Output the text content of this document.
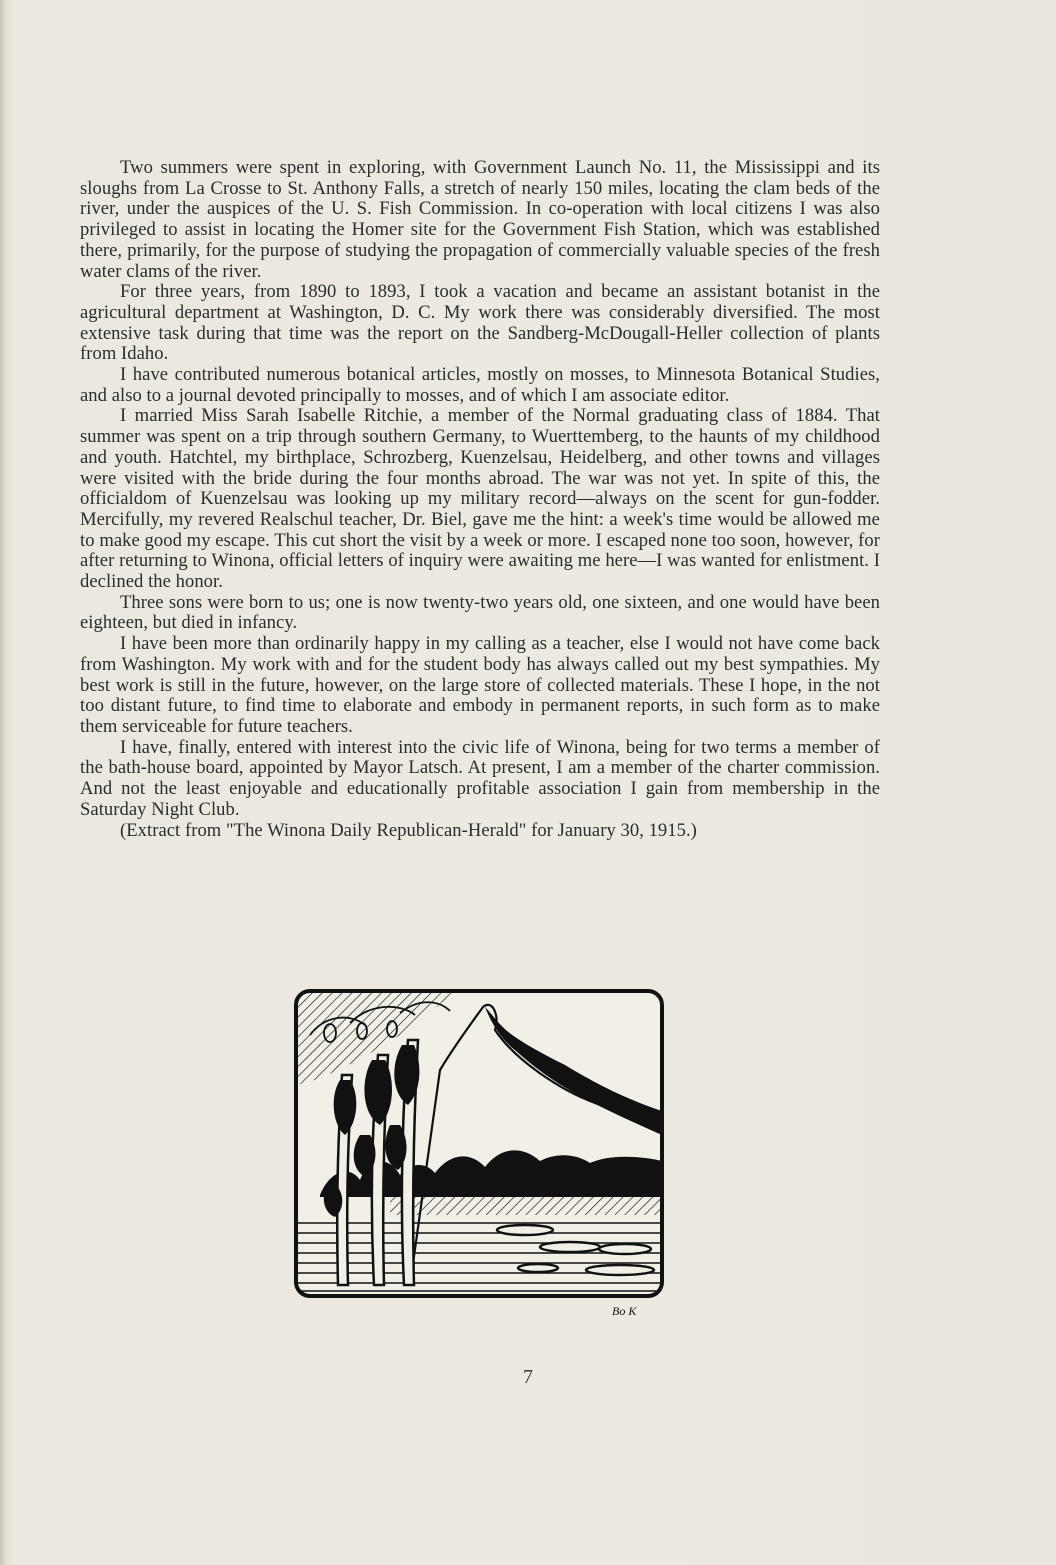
Two summers were spent in exploring, with Government Launch No. 11, the Mississippi and its sloughs from La Crosse to St. Anthony Falls, a stretch of nearly 150 miles, locating the clam beds of the river, under the auspices of the U. S. Fish Commission. In co-operation with local citizens I was also privileged to assist in locating the Homer site for the Government Fish Station, which was established there, primarily, for the purpose of studying the propagation of commercially valuable species of the fresh water clams of the river.

For three years, from 1890 to 1893, I took a vacation and became an assistant botanist in the agricultural department at Washington, D. C. My work there was considerably diversified. The most extensive task during that time was the report on the Sandberg-McDougall-Heller collection of plants from Idaho.

I have contributed numerous botanical articles, mostly on mosses, to Minnesota Botanical Studies, and also to a journal devoted principally to mosses, and of which I am associate editor.

I married Miss Sarah Isabelle Ritchie, a member of the Normal graduating class of 1884. That summer was spent on a trip through southern Germany, to Wuerttemberg, to the haunts of my childhood and youth. Hatchtel, my birthplace, Schrozberg, Kuenzelsau, Heidelberg, and other towns and villages were visited with the bride during the four months abroad. The war was not yet. In spite of this, the officialdom of Kuenzelsau was looking up my military record—always on the scent for gun-fodder. Mercifully, my revered Realschul teacher, Dr. Biel, gave me the hint: a week's time would be allowed me to make good my escape. This cut short the visit by a week or more. I escaped none too soon, however, for after returning to Winona, official letters of inquiry were awaiting me here—I was wanted for enlistment. I declined the honor.

Three sons were born to us; one is now twenty-two years old, one sixteen, and one would have been eighteen, but died in infancy.

I have been more than ordinarily happy in my calling as a teacher, else I would not have come back from Washington. My work with and for the student body has always called out my best sympathies. My best work is still in the future, however, on the large store of collected materials. These I hope, in the not too distant future, to find time to elaborate and embody in permanent reports, in such form as to make them serviceable for future teachers.

I have, finally, entered with interest into the civic life of Winona, being for two terms a member of the bath-house board, appointed by Mayor Latsch. At present, I am a member of the charter commission. And not the least enjoyable and educationally profitable association I gain from membership in the Saturday Night Club.

(Extract from "The Winona Daily Republican-Herald" for January 30, 1915.)

Bo K
7
